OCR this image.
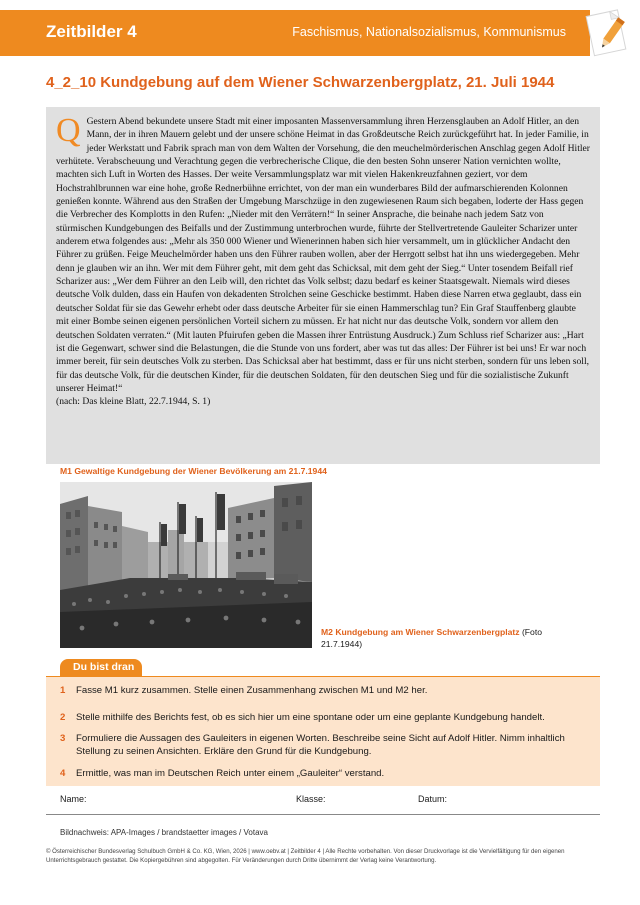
Zeitbilder 4	Faschismus, Nationalsozialismus, Kommunismus
4_2_10 Kundgebung auf dem Wiener Schwarzenbergplatz, 21. Juli 1944
Q Gestern Abend bekundete unsere Stadt mit einer imposanten Massenversammlung ihren Herzensglauben an Adolf Hitler, an den Mann, der in ihren Mauern gelebt und der unsere schöne Heimat in das Großdeutsche Reich zurückgeführt hat. In jeder Familie, in jeder Werkstatt und Fabrik sprach man von dem Walten der Vorsehung, die den meuchelmörderischen Anschlag gegen Adolf Hitler verhütete. Verabscheuung und Verachtung gegen die verbrecherische Clique, die den besten Sohn unserer Nation vernichten wollte, machten sich Luft in Worten des Hasses. Der weite Versammlungsplatz war mit vielen Hakenkreuzfahnen geziert, vor dem Hochstrahlbrunnen war eine hohe, große Rednerbühne errichtet, von der man ein wunderbares Bild der aufmarschierenden Kolonnen genießen konnte. Während aus den Straßen der Umgebung Marschzüge in den zugewiesenen Raum sich begaben, loderte der Hass gegen die Verbrecher des Komplotts in den Rufen: „Nieder mit den Verrätern!“ In seiner Ansprache, die beinahe nach jedem Satz von stürmischen Kundgebungen des Beifalls und der Zustimmung unterbrochen wurde, führte der Stellvertretende Gauleiter Scharizer unter anderem etwa folgendes aus: „Mehr als 350 000 Wiener und Wienerinnen haben sich hier versammelt, um in glücklicher Andacht den Führer zu grüßen. Feige Meuchelmörder haben uns den Führer rauben wollen, aber der Herrgott selbst hat ihn uns wiedergegeben. Mehr denn je glauben wir an ihn. Wer mit dem Führer geht, mit dem geht das Schicksal, mit dem geht der Sieg.“ Unter tosendem Beifall rief Scharizer aus: „Wer dem Führer an den Leib will, den richtet das Volk selbst; dazu bedarf es keiner Staatsgewalt. Niemals wird dieses deutsche Volk dulden, dass ein Haufen von dekadenten Strolchen seine Geschicke bestimmt. Haben diese Narren etwa geglaubt, dass ein deutscher Soldat für sie das Gewehr erhebt oder dass deutsche Arbeiter für sie einen Hammerschlag tun? Ein Graf Stauffenberg glaubte mit einer Bombe seinen eigenen persönlichen Vorteil sichern zu müssen. Er hat nicht nur das deutsche Volk, sondern vor allem den deutschen Soldaten verraten.“ (Mit lauten Pfuirufen geben die Massen ihrer Entrüstung Ausdruck.) Zum Schluss rief Scharizer aus: „Hart ist die Gegenwart, schwer sind die Belastungen, die die Stunde von uns fordert, aber was tut das alles: Der Führer ist bei uns! Er war noch immer bereit, für sein deutsches Volk zu sterben. Das Schicksal aber hat bestimmt, dass er für uns nicht sterben, sondern für uns leben soll, für das deutsche Volk, für die deutschen Kinder, für die deutschen Soldaten, für den deutschen Sieg und für die sozialistische Zukunft unserer Heimat!“

(nach: Das kleine Blatt, 22.7.1944, S. 1)

M1 Gewaltige Kundgebung der Wiener Bevölkerung am 21.7.1944
M2 Kundgebung am Wiener Schwarzenbergplatz (Foto 21.7.1944)
Du bist dran
1 Fasse M1 kurz zusammen. Stelle einen Zusammenhang zwischen M1 und M2 her.
2 Stelle mithilfe des Berichts fest, ob es sich hier um eine spontane oder um eine geplante Kundgebung handelt.
3 Formuliere die Aussagen des Gauleiters in eigenen Worten. Beschreibe seine Sicht auf Adolf Hitler. Nimm inhaltlich Stellung zu seinen Ansichten. Erkläre den Grund für die Kundgebung.
4 Ermittle, was man im Deutschen Reich unter einem „Gauleiter“ verstand.
Name:	Klasse:	Datum:
Bildnachweis: APA-Images / brandstaetter images / Votava
© Österreichischer Bundesverlag Schulbuch GmbH & Co. KG, Wien, 2026 | www.oebv.at | Zeitbilder 4 | Alle Rechte vorbehalten. Von dieser Druckvorlage ist die Vervielfältigung für den eigenen Unterrichtsgebrauch gestattet. Die Kopiergebühren sind abgegolten. Für Veränderungen durch Dritte übernimmt der Verlag keine Verantwortung.
